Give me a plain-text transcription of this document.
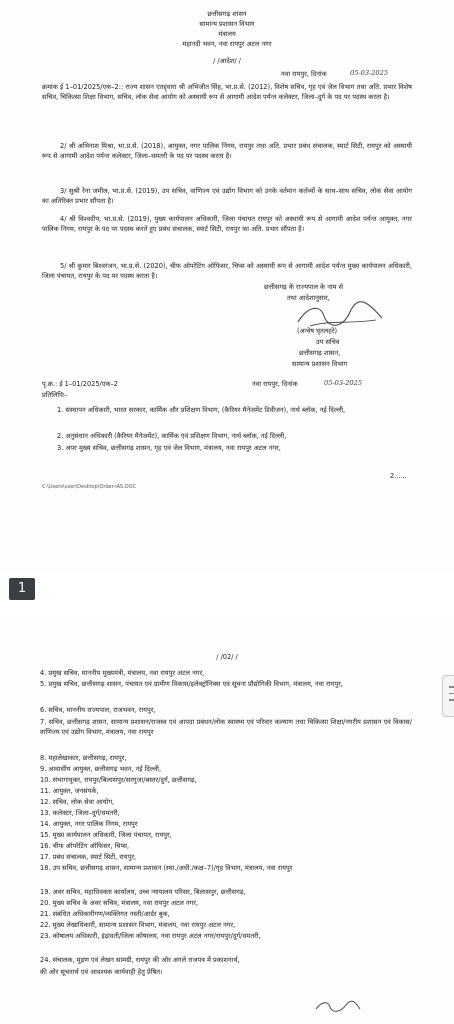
छत्तीसगढ़ शासन
सामान्य प्रशासन विभाग
मंत्रालय
महानदी भवन, नवा रायपुर अटल नगर
/ /आदेश/ /
नवा रायपुर, दिनांक	05-03-2025
क्रमांक ई 1–01/2025/एक–2:: राज्य शासन एतद्द्वारा श्री अभिजीत सिंह, भा.प्र.से. (2012), विशेष सचिव, गृह एवं जेल विभाग तथा अति. प्रभार विशेष सचिव, चिकित्सा शिक्षा विभाग, सचिव, लोक सेवा आयोग को अस्थायी रूप से आगामी आदेश पर्यन्त कलेक्टर, जिला–दुर्ग के पद पर पदस्थ करता है।
2/ श्री अभिनाश मिश्रा, भा.प्र.से. (2018), आयुक्त, नगर पालिक निगम, रायपुर तथा अति. प्रभार प्रबंध संचालक, स्मार्ट सिटी, रायपुर को अस्थायी रूप से आगामी आदेश पर्यन्त कलेक्टर, जिला–धमतरी के पद पर पदस्थ करता है।
3/ सुश्री रेना जमील, भा.प्र.से. (2019), उप सचिव, वाणिज्य एवं उद्योग विभाग को उनके वर्तमान कर्तव्यों के साथ–साथ सचिव, लोक सेवा आयोग का अतिरिक्त प्रभार सौंपता है।
4/ श्री विश्वदीप, भा.प्र.से. (2019), मुख्य कार्यपालन अधिकारी, जिला पंचायत रायपुर को अस्थायी रूप से आगामी आदेश पर्यन्त आयुक्त, नगर पालिक निगम, रायपुर के पद पर पदस्थ करते हुए प्रबंध संचालक, स्मार्ट सिटी, रायपुर का अति. प्रभार सौंपता है।
5/ श्री कुमार बिश्वरंजन, भा.प्र.से. (2020), चीफ ऑपरेटिंग ऑफिसर, चिप्स को अस्थायी रूप से आगामी आदेश पर्यन्त मुख्य कार्यपालन अधिकारी, जिला पंचायत, रायपुर के पद पर पदस्थ करता है।
छत्तीसगढ़ के राज्यपाल के नाम से
तथा आदेशानुसार,
(अन्वेष घृतलहरे)
उप सचिव
छत्तीसगढ़ शासन,
सामान्य प्रशासन विभाग
पृ.क्र.: ई 1–01/2025/एक–2	नवा रायपुर, दिनांक	05-03-2025
प्रतिलिपिः–
1. संस्थापन अधिकारी, भारत सरकार, कार्मिक और प्रशिक्षण विभाग, (कैरियर मैनेजमेंट डिवीजन), नार्थ ब्लॉक, नई दिल्ली,
2. अनुसंधान अधिकारी (कैरियर मैनेजमेंट), कार्मिक एवं प्रशिक्षण विभाग, नार्थ ब्लॉक, नई दिल्ली,
3. अपर मुख्य सचिव, छत्तीसगढ़ शासन, गृह एवं जेल विभाग, मंत्रालय, नवा रायपुर अटल नगर,
2......
C:\Users\user\Desktop\Order-IAS.DOC
1
/ /02/ /
4. प्रमुख सचिव, माननीय मुख्यमंत्री, मंत्रालय, नवा रायपुर अटल नगर,
5. प्रमुख सचिव, छत्तीसगढ़ शासन, पंचायत एवं ग्रामीण विकास/इलेक्ट्रॉनिक्स एवं सूचना प्रौद्योगिकी विभाग, मंत्रालय, नवा रायपुर,
6. सचिव, माननीय राज्यपाल, राजभवन, रायपुर,
7. सचिव, छत्तीसगढ़ शासन, सामान्य प्रशासन/राजस्व एवं आपदा प्रबंधन/लोक स्वास्थ्य एवं परिवार कल्याण तथा चिकित्सा शिक्षा/नगरीय प्रशासन एवं विकास/वाणिज्य एवं उद्योग विभाग, मंत्रालय, नवा रायपुर
8. महालेखाकार, छत्तीसगढ़, रायपुर,
9. आवासीय आयुक्त, छत्तीसगढ़ भवन, नई दिल्ली,
10. संभागायुक्त, रायपुर/बिलासपुर/सरगुजा/बस्तर/दुर्ग, छत्तीसगढ़,
11. आयुक्त, जनसंपर्क,
12. सचिव, लोक सेवा आयोग,
13. कलेक्टर, जिला–दुर्ग/धमतरी,
14. आयुक्त, नगर पालिक निगम, रायपुर
15. मुख्य कार्यपालन अधिकारी, जिला पंचायत, रायपुर,
16. चीफ ऑपरेटिंग ऑफिसर, चिप्स,
17. प्रबंध संचालक, स्मार्ट सिटी, रायपुर,
18. उप सचिव, छत्तीसगढ़ शासन, सामान्य प्रशासन (स्था./अधी./कक्ष–7)/गृह विभाग, मंत्रालय, नवा रायपुर
19. अवर सचिव, महाधिवक्ता कार्यालय, उच्च न्यायालय परिसर, बिलासपुर, छत्तीसगढ़,
20. मुख्य सचिव के अवर सचिव, मंत्रालय, नवा रायपुर अटल नगर,
21. संबंधित अधिकारीगण/व्यक्तिगत नस्ती/आर्डर बुक,
22. मुख्य लेखाधिकारी, सामान्य प्रशासन विभाग, मंत्रालय, नवा रायपुर अटल नगर,
23. कोषालय अधिकारी, इंद्रावती/जिला कोषालय, नवा रायपुर अटल नगर/रायपुर/दुर्ग/धमतरी,
24. संचालक, मुद्रण एवं लेखन सामग्री, रायपुर की ओर अगले राजपत्र में प्रकाशनार्थ,
की ओर सूचनार्थ एवं आवश्यक कार्यवाही हेतु प्रेषित।
